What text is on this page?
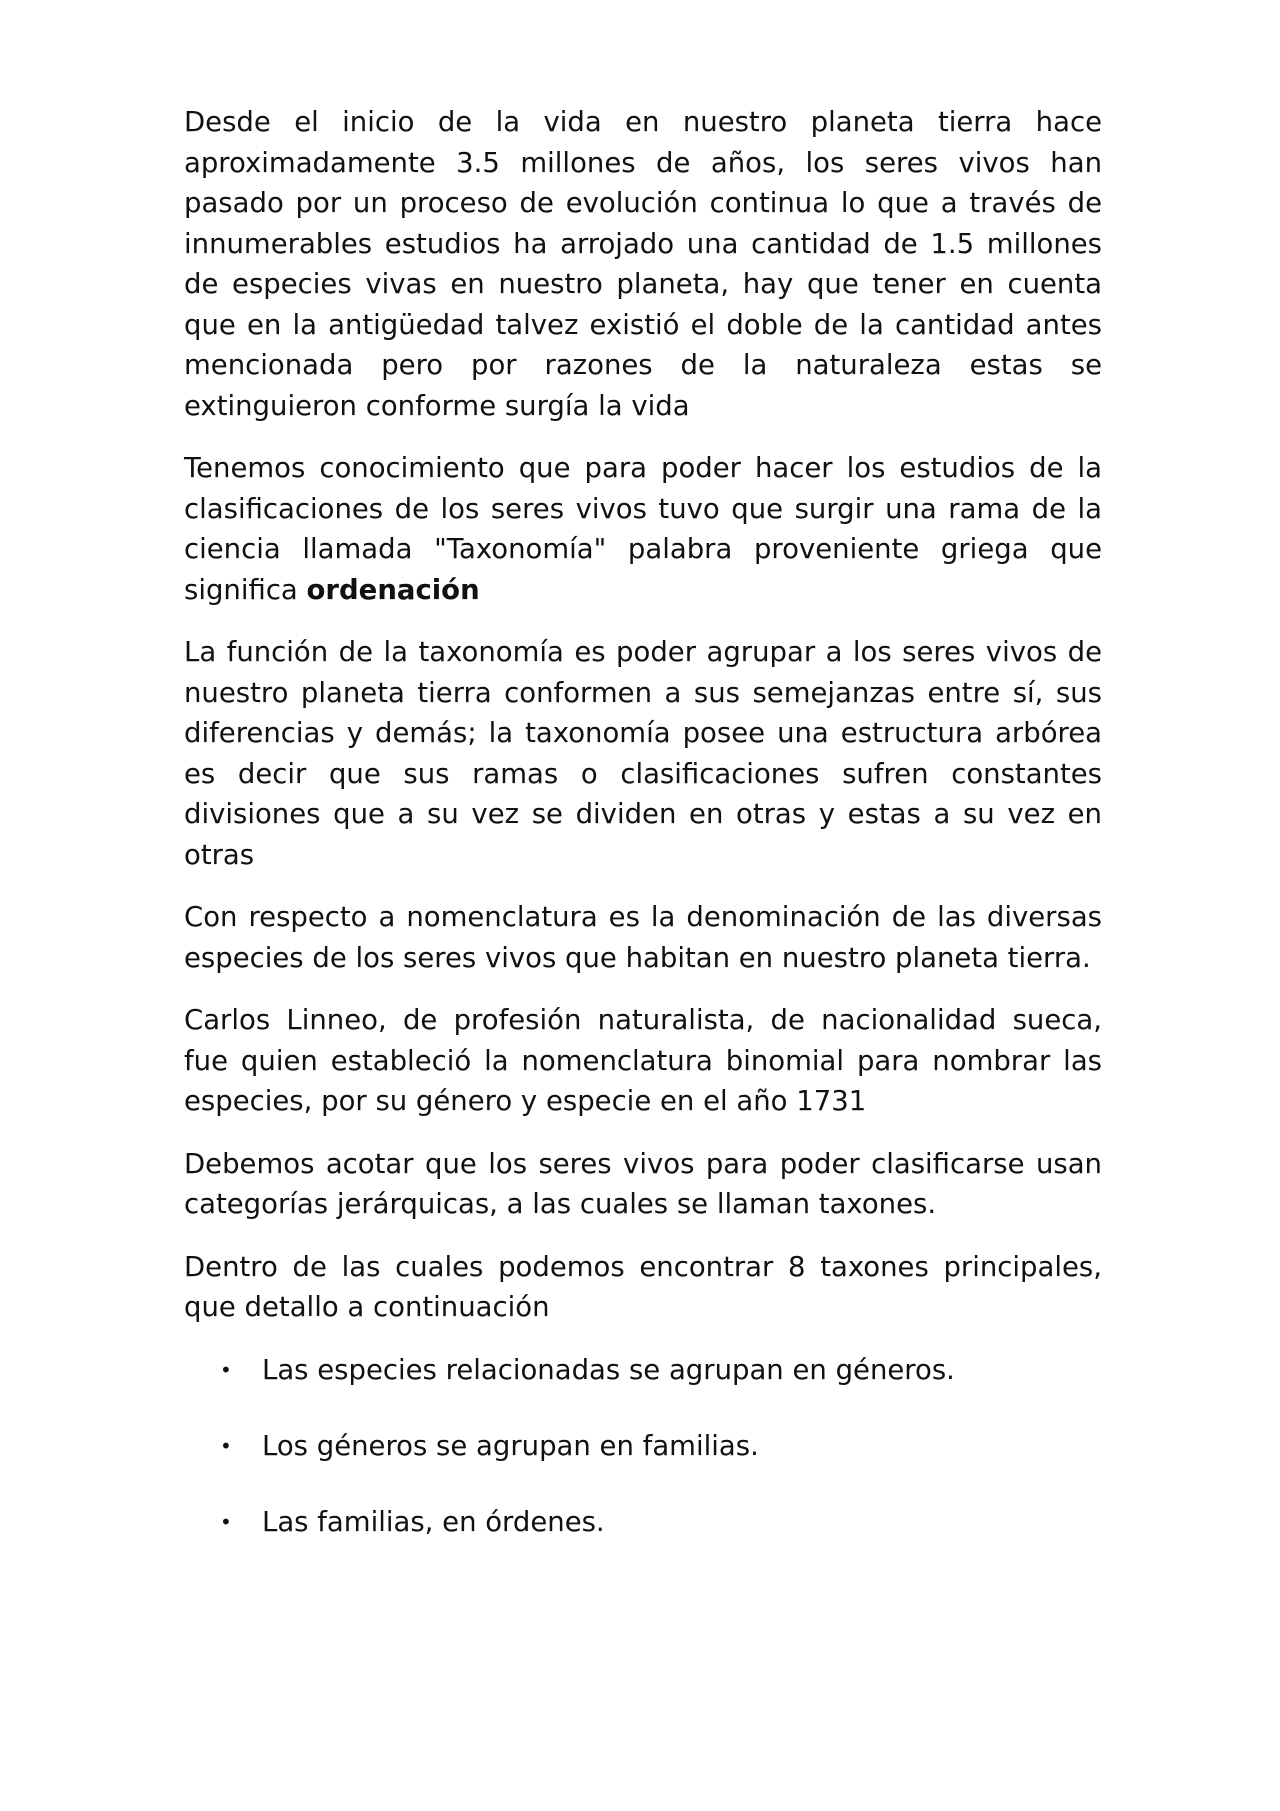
Desde el inicio de la vida en nuestro planeta tierra hace aproximadamente 3.5 millones de años, los seres vivos han pasado por un proceso de evolución continua lo que a través de innumerables estudios ha arrojado una cantidad de 1.5 millones de especies vivas en nuestro planeta, hay que tener en cuenta que en la antigüedad talvez existió el doble de la cantidad antes mencionada pero por razones de la naturaleza estas se extinguieron conforme surgía la vida

Tenemos conocimiento que para poder hacer los estudios de la clasificaciones de los seres vivos tuvo que surgir una rama de la ciencia llamada "Taxonomía" palabra proveniente griega que significa ordenación

La función de la taxonomía es poder agrupar a los seres vivos de nuestro planeta tierra conformen a sus semejanzas entre sí, sus diferencias y demás; la taxonomía posee una estructura arbórea es decir que sus ramas o clasificaciones sufren constantes divisiones que a su vez se dividen en otras y estas a su vez en otras

Con respecto a nomenclatura es la denominación de las diversas especies de los seres vivos que habitan en nuestro planeta tierra.

Carlos Linneo, de profesión naturalista, de nacionalidad sueca, fue quien estableció la nomenclatura binomial para nombrar las especies, por su género y especie en el año 1731

Debemos acotar que los seres vivos para poder clasificarse usan categorías jerárquicas, a las cuales se llaman taxones.

Dentro de las cuales podemos encontrar 8 taxones principales, que detallo a continuación

• Las especies relacionadas se agrupan en géneros.
• Los géneros se agrupan en familias.
• Las familias, en órdenes.
